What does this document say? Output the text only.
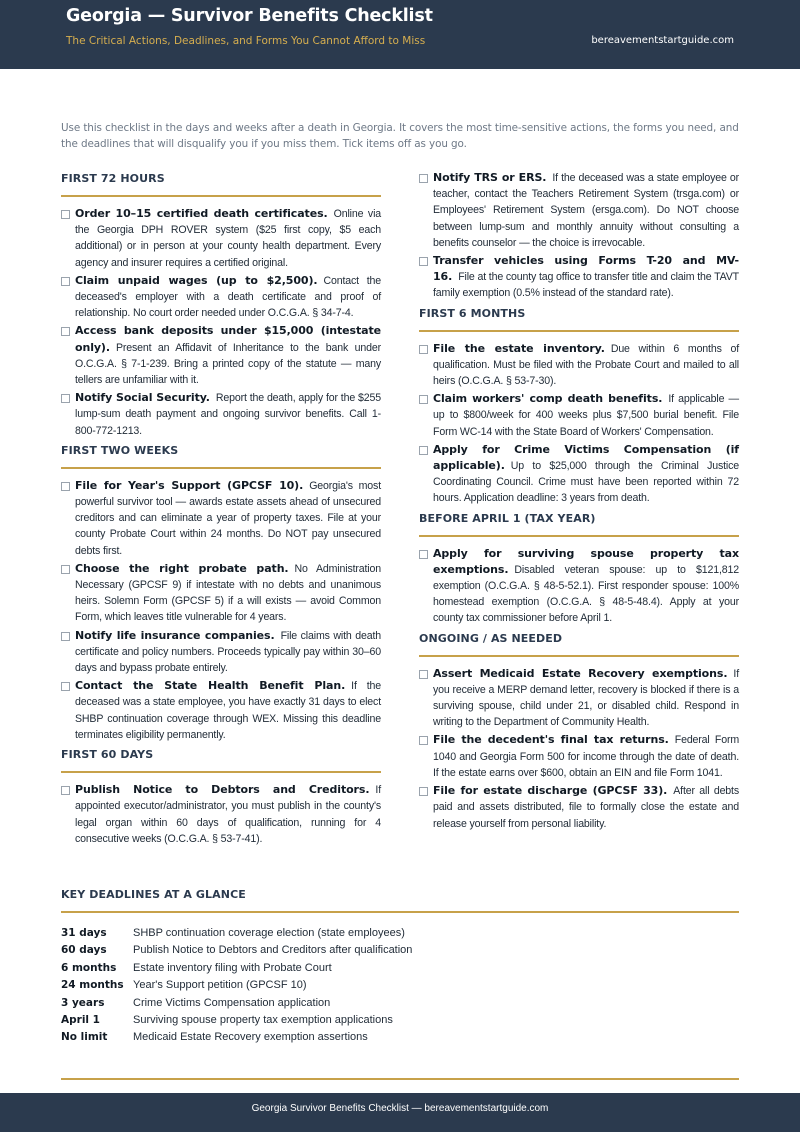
Georgia — Survivor Benefits Checklist
The Critical Actions, Deadlines, and Forms You Cannot Afford to Miss	bereavementstartguide.com
Use this checklist in the days and weeks after a death in Georgia. It covers the most time-sensitive actions, the forms you need, and the deadlines that will disqualify you if you miss them. Tick items off as you go.
FIRST 72 HOURS
Order 10–15 certified death certificates. Online via the Georgia DPH ROVER system ($25 first copy, $5 each additional) or in person at your county health department. Every agency and insurer requires a certified original.
Claim unpaid wages (up to $2,500). Contact the deceased's employer with a death certificate and proof of relationship. No court order needed under O.C.G.A. § 34-7-4.
Access bank deposits under $15,000 (intestate only). Present an Affidavit of Inheritance to the bank under O.C.G.A. § 7-1-239. Bring a printed copy of the statute — many tellers are unfamiliar with it.
Notify Social Security. Report the death, apply for the $255 lump-sum death payment and ongoing survivor benefits. Call 1-800-772-1213.
FIRST TWO WEEKS
File for Year's Support (GPCSF 10). Georgia's most powerful survivor tool — awards estate assets ahead of unsecured creditors and can eliminate a year of property taxes. File at your county Probate Court within 24 months. Do NOT pay unsecured debts first.
Choose the right probate path. No Administration Necessary (GPCSF 9) if intestate with no debts and unanimous heirs. Solemn Form (GPCSF 5) if a will exists — avoid Common Form, which leaves title vulnerable for 4 years.
Notify life insurance companies. File claims with death certificate and policy numbers. Proceeds typically pay within 30–60 days and bypass probate entirely.
Contact the State Health Benefit Plan. If the deceased was a state employee, you have exactly 31 days to elect SHBP continuation coverage through WEX. Missing this deadline terminates eligibility permanently.
FIRST 60 DAYS
Publish Notice to Debtors and Creditors. If appointed executor/administrator, you must publish in the county's legal organ within 60 days of qualification, running for 4 consecutive weeks (O.C.G.A. § 53-7-41).
Notify TRS or ERS. If the deceased was a state employee or teacher, contact the Teachers Retirement System (trsga.com) or Employees' Retirement System (ersga.com). Do NOT choose between lump-sum and monthly annuity without consulting a benefits counselor — the choice is irrevocable.
Transfer vehicles using Forms T-20 and MV-16. File at the county tag office to transfer title and claim the TAVT family exemption (0.5% instead of the standard rate).
FIRST 6 MONTHS
File the estate inventory. Due within 6 months of qualification. Must be filed with the Probate Court and mailed to all heirs (O.C.G.A. § 53-7-30).
Claim workers' comp death benefits. If applicable — up to $800/week for 400 weeks plus $7,500 burial benefit. File Form WC-14 with the State Board of Workers' Compensation.
Apply for Crime Victims Compensation (if applicable). Up to $25,000 through the Criminal Justice Coordinating Council. Crime must have been reported within 72 hours. Application deadline: 3 years from death.
BEFORE APRIL 1 (TAX YEAR)
Apply for surviving spouse property tax exemptions. Disabled veteran spouse: up to $121,812 exemption (O.C.G.A. § 48-5-52.1). First responder spouse: 100% homestead exemption (O.C.G.A. § 48-5-48.4). Apply at your county tax commissioner before April 1.
ONGOING / AS NEEDED
Assert Medicaid Estate Recovery exemptions. If you receive a MERP demand letter, recovery is blocked if there is a surviving spouse, child under 21, or disabled child. Respond in writing to the Department of Community Health.
File the decedent's final tax returns. Federal Form 1040 and Georgia Form 500 for income through the date of death. If the estate earns over $600, obtain an EIN and file Form 1041.
File for estate discharge (GPCSF 33). After all debts paid and assets distributed, file to formally close the estate and release yourself from personal liability.
KEY DEADLINES AT A GLANCE
31 days	SHBP continuation coverage election (state employees)
60 days	Publish Notice to Debtors and Creditors after qualification
6 months	Estate inventory filing with Probate Court
24 months Year's Support petition (GPCSF 10)
3 years	Crime Victims Compensation application
April 1	Surviving spouse property tax exemption applications
No limit	Medicaid Estate Recovery exemption assertions
Georgia Survivor Benefits Checklist — bereavementstartguide.com
